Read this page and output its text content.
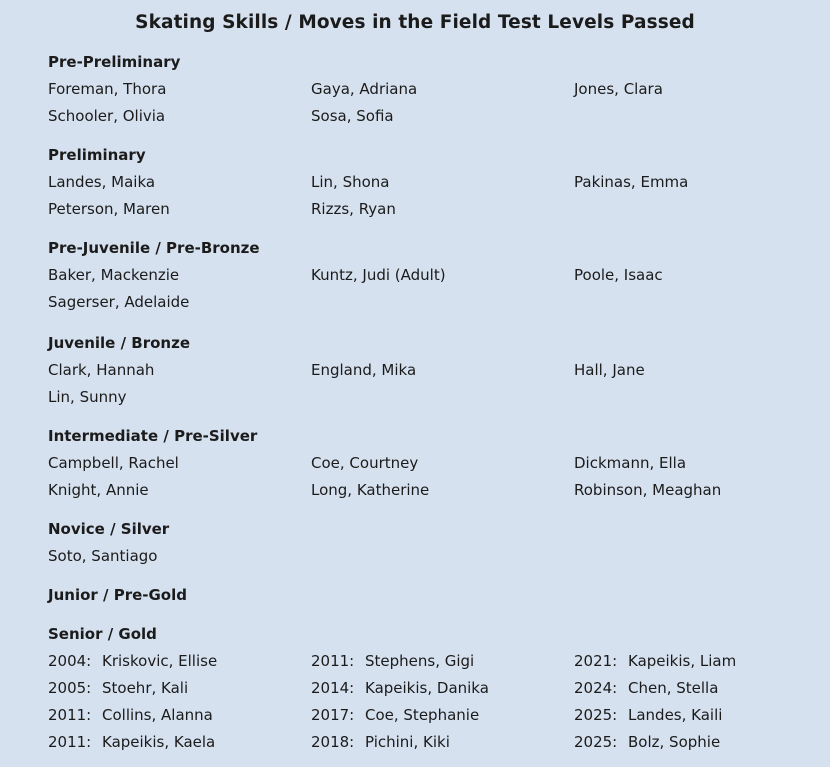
Skating Skills / Moves in the Field Test Levels Passed
Pre-Preliminary
Foreman, Thora	Gaya, Adriana	Jones, Clara
Schooler, Olivia	Sosa, Sofia
Preliminary
Landes, Maika	Lin, Shona	Pakinas, Emma
Peterson, Maren	Rizzs, Ryan
Pre-Juvenile / Pre-Bronze
Baker, Mackenzie	Kuntz, Judi (Adult)	Poole, Isaac
Sagerser, Adelaide
Juvenile / Bronze
Clark, Hannah	England, Mika	Hall, Jane
Lin, Sunny
Intermediate / Pre-Silver
Campbell, Rachel	Coe, Courtney	Dickmann, Ella
Knight, Annie	Long, Katherine	Robinson, Meaghan
Novice / Silver
Soto, Santiago
Junior / Pre-Gold
Senior / Gold
2004: Kriskovic, Ellise	2011: Stephens, Gigi	2021: Kapeikis, Liam
2005: Stoehr, Kali	2014: Kapeikis, Danika	2024: Chen, Stella
2011: Collins, Alanna	2017: Coe, Stephanie	2025: Landes, Kaili
2011: Kapeikis, Kaela	2018: Pichini, Kiki	2025: Bolz, Sophie
